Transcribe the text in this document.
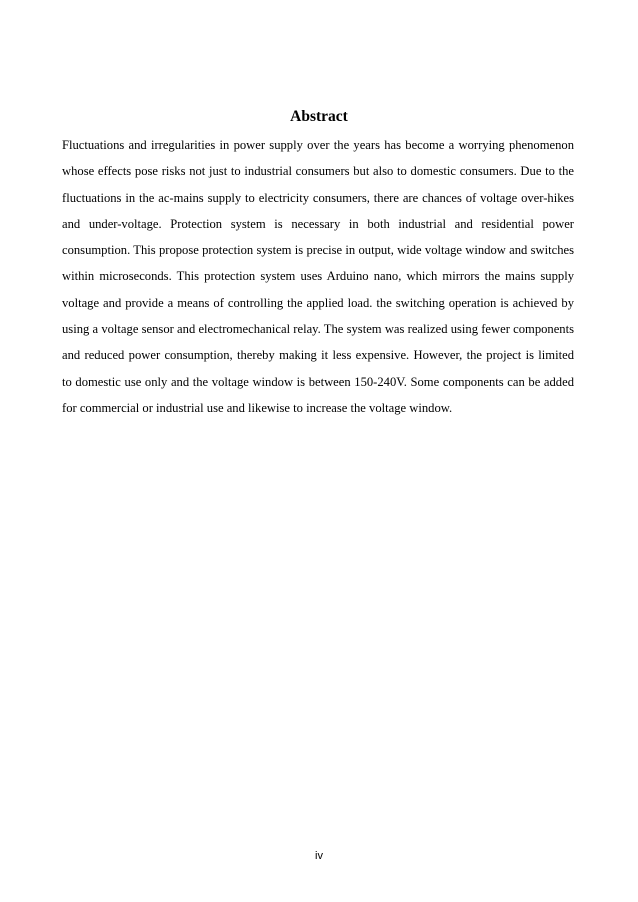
Abstract
Fluctuations and irregularities in power supply over the years has become a worrying phenomenon
whose effects pose risks not just to industrial consumers but also to domestic consumers. Due to the
fluctuations in the ac-mains supply to electricity consumers, there are chances of voltage over-hikes
and under-voltage. Protection system is necessary in both industrial and residential power
consumption. This propose protection system is precise in output, wide voltage window and switches
within microseconds. This protection system uses Arduino nano, which mirrors the mains supply
voltage and provide a means of controlling the applied load. the switching operation is achieved by
using a voltage sensor and electromechanical relay. The system was realized using fewer components
and reduced power consumption, thereby making it less expensive. However, the project is limited
to domestic use only and the voltage window is between 150-240V. Some components can be added
for commercial or industrial use and likewise to increase the voltage window.

iv
